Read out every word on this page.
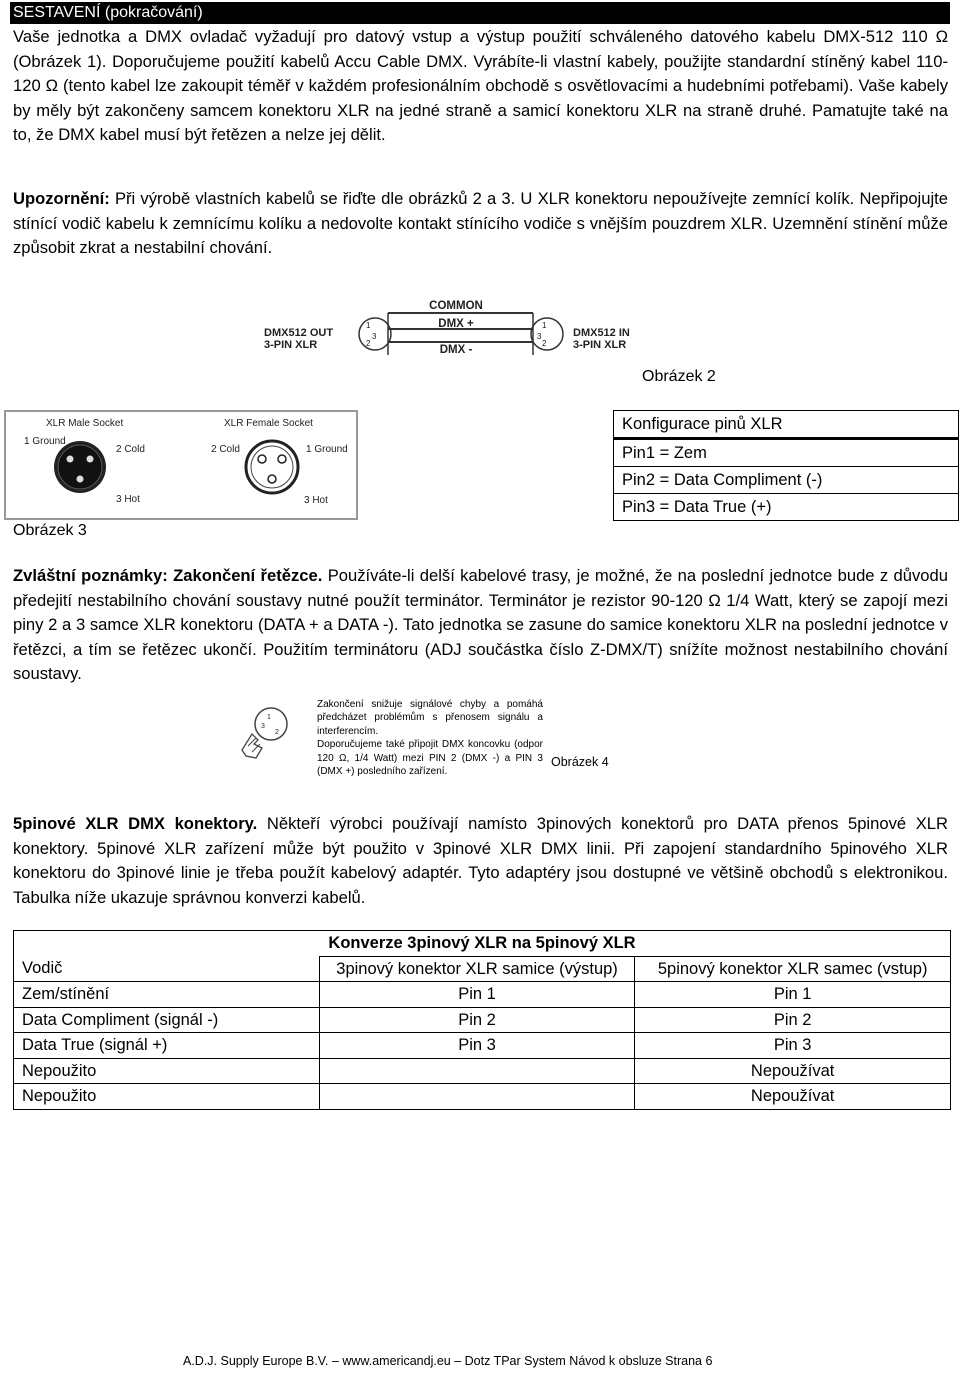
SESTAVENÍ (pokračování)
Vaše jednotka a DMX ovladač vyžadují pro datový vstup a výstup použití schváleného datového kabelu DMX-512 110 Ω (Obrázek 1). Doporučujeme použití kabelů Accu Cable DMX. Vyrábíte-li vlastní kabely, použijte standardní stíněný kabel 110-120 Ω (tento kabel lze zakoupit téměř v každém profesionálním obchodě s osvětlovacími a hudebními potřebami). Vaše kabely by měly být zakončeny samcem konektoru XLR na jedné straně a samicí konektoru XLR na straně druhé. Pamatujte také na to, že DMX kabel musí být řetězen a nelze jej dělit.
Upozornění: Při výrobě vlastních kabelů se řiďte dle obrázků 2 a 3. U XLR konektoru nepoužívejte zemnící kolík. Nepřipojujte stínící vodič kabelu k zemnícímu kolíku a nedovolte kontakt stínícího vodiče s vnějším pouzdrem XLR. Uzemnění stínění může způsobit zkrat a nestabilní chování.
COMMON
DMX +
DMX -
1
3
2
1
3
2
DMX512 OUT
3-PIN XLR
DMX512 IN
3-PIN XLR
Obrázek 2
XLR Male Socket	XLR Female Socket
1 Ground
2 Cold
3 Hot
2 Cold	1 Ground
3 Hot
Obrázek 3
Konfigurace pinů XLR
Pin1 = Zem
Pin2 = Data Compliment (-)
Pin3 = Data True (+)
Zvláštní poznámky: Zakončení řetězce. Používáte-li delší kabelové trasy, je možné, že na poslední jednotce bude z důvodu předejití nestabilního chování soustavy nutné použít terminátor. Terminátor je rezistor 90-120 Ω 1/4 Watt, který se zapojí mezi piny 2 a 3 samce XLR konektoru (DATA + a DATA -). Tato jednotka se zasune do samice konektoru XLR na poslední jednotce v řetězci, a tím se řetězec ukončí. Použitím terminátoru (ADJ součástka číslo Z-DMX/T) snížíte možnost nestabilního chování soustavy.
1
3
2
Zakončení snižuje signálové chyby a pomáhá předcházet problémům s přenosem signálu a interferencím.
Doporučujeme také připojit DMX koncovku (odpor 120 Ω, 1/4 Watt) mezi PIN 2 (DMX -) a PIN 3 (DMX +) posledního zařízení.
Obrázek 4
5pinové XLR DMX konektory. Někteří výrobci používají namísto 3pinových konektorů pro DATA přenos 5pinové XLR konektory. 5pinové XLR zařízení může být použito v 3pinové XLR DMX linii. Při zapojení standardního 5pinového XLR konektoru do 3pinové linie je třeba použít kabelový adaptér. Tyto adaptéry jsou dostupné ve většině obchodů s elektronikou. Tabulka níže ukazuje správnou konverzi kabelů.
Konverze 3pinový XLR na 5pinový XLR		
Vodič	3pinový konektor XLR samice (výstup)	5pinový konektor XLR samec (vstup)
Zem/stínění	Pin 1	Pin 1
Data Compliment (signál -)	Pin 2	Pin 2
Data True (signál +)	Pin 3	Pin 3
Nepoužito		Nepoužívat
Nepoužito		Nepoužívat
A.D.J. Supply Europe B.V. – www.americandj.eu – Dotz TPar System Návod k obsluze Strana 6
